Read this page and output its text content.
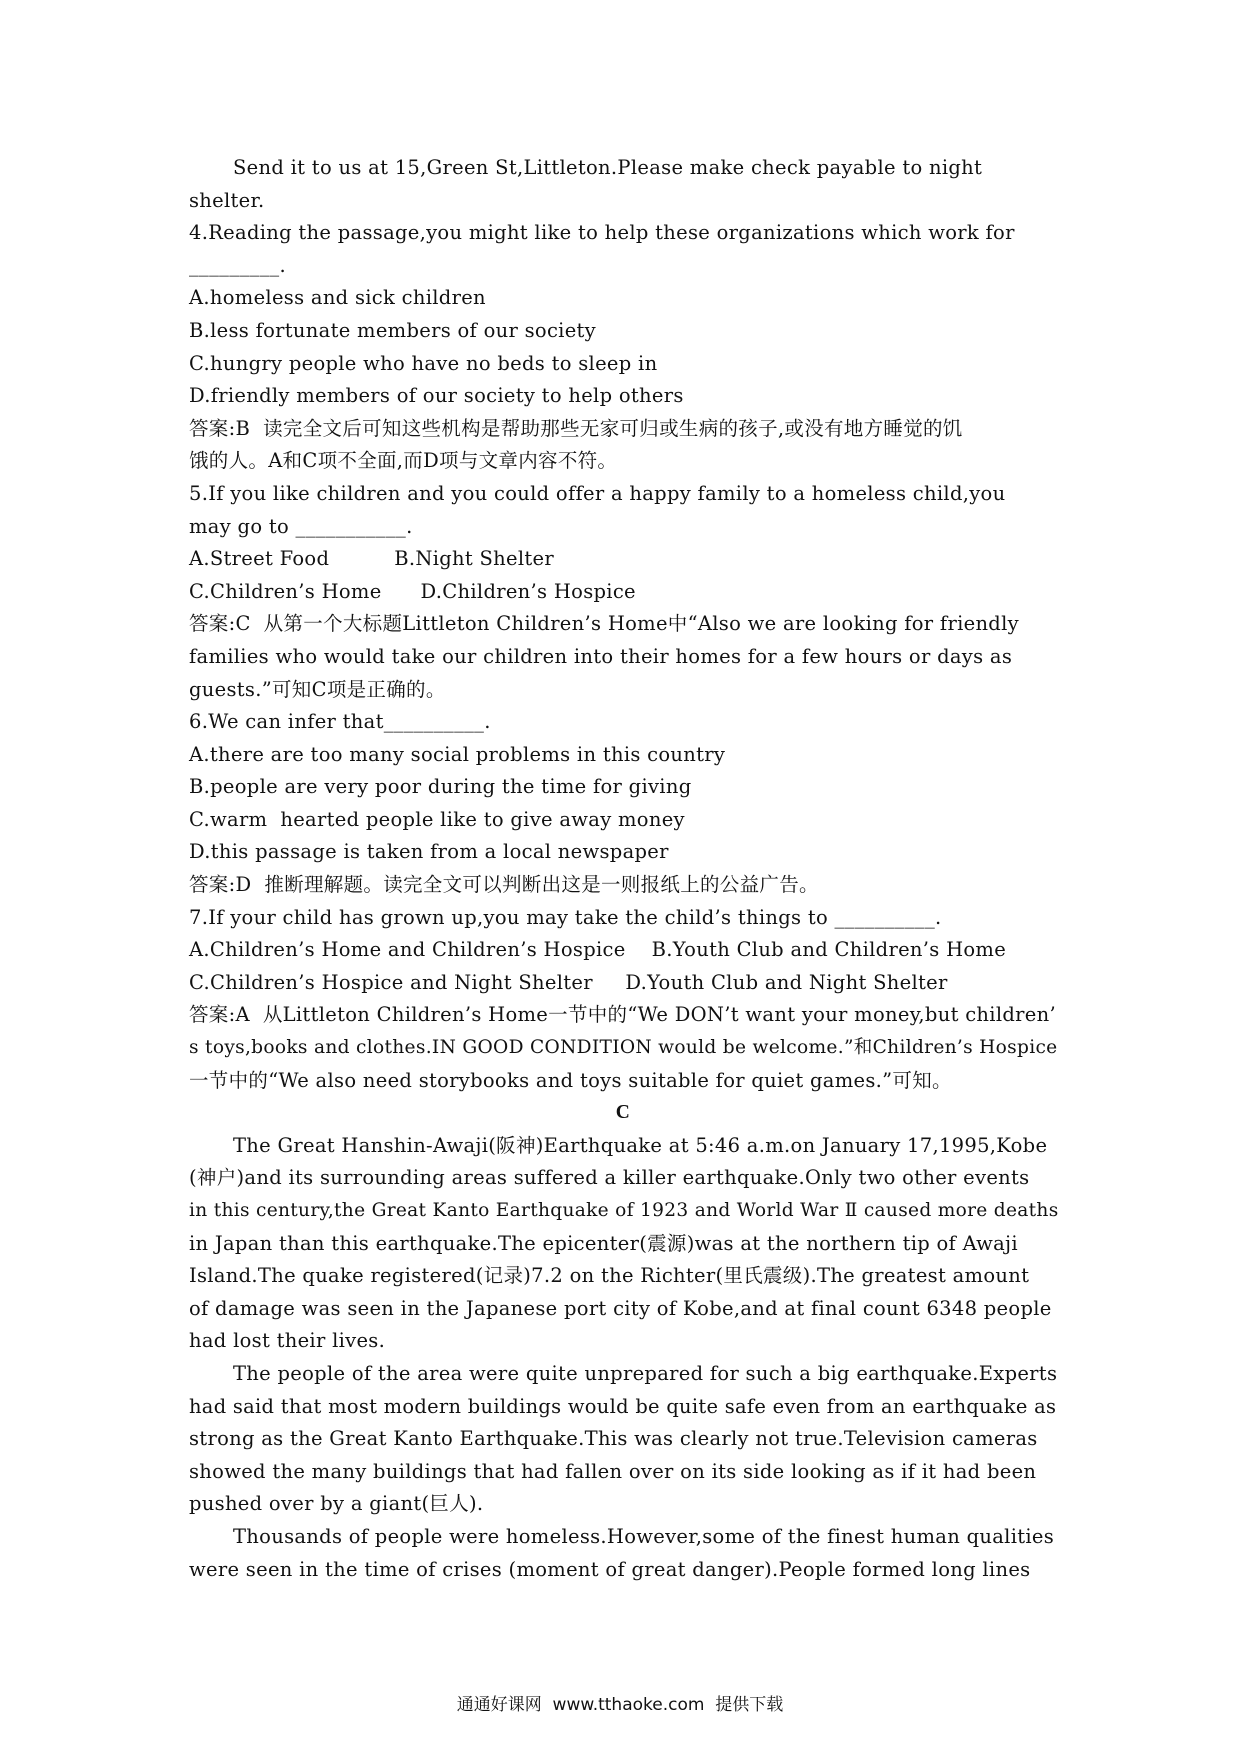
Send it to us at 15,Green St,Littleton.Please make check payable to night
shelter.
4.Reading the passage,you might like to help these organizations which work for
_________.
A.homeless and sick children
B.less fortunate members of our society
C.hungry people who have no beds to sleep in
D.friendly members of our society to help others
答案:B  读完全文后可知这些机构是帮助那些无家可归或生病的孩子,或没有地方睡觉的饥
饿的人。A和C项不全面,而D项与文章内容不符。
5.If you like children and you could offer a happy family to a homeless child,you
may go to ___________.
A.Street Food          B.Night Shelter
C.Children’s Home      D.Children’s Hospice
答案:C  从第一个大标题Littleton Children’s Home中“Also we are looking for friendly
families who would take our children into their homes for a few hours or days as
guests.”可知C项是正确的。
6.We can infer that__________.
A.there are too many social problems in this country
B.people are very poor during the time for giving
C.warm  hearted people like to give away money
D.this passage is taken from a local newspaper
答案:D  推断理解题。读完全文可以判断出这是一则报纸上的公益广告。
7.If your child has grown up,you may take the child’s things to __________.
A.Children’s Home and Children’s Hospice    B.Youth Club and Children’s Home
C.Children’s Hospice and Night Shelter     D.Youth Club and Night Shelter
答案:A  从Littleton Children’s Home一节中的“We DON’t want your money,but children’
s toys,books and clothes.IN GOOD CONDITION would be welcome.”和Children’s Hospice
一节中的“We also need storybooks and toys suitable for quiet games.”可知。
C
The Great Hanshin-Awaji(阪神)Earthquake at 5:46 a.m.on January 17,1995,Kobe
(神户)and its surrounding areas suffered a killer earthquake.Only two other events
in this century,the Great Kanto Earthquake of 1923 and World War Ⅱ caused more deaths
in Japan than this earthquake.The epicenter(震源)was at the northern tip of Awaji
Island.The quake registered(记录)7.2 on the Richter(里氏震级).The greatest amount
of damage was seen in the Japanese port city of Kobe,and at final count 6348 people
had lost their lives.
The people of the area were quite unprepared for such a big earthquake.Experts
had said that most modern buildings would be quite safe even from an earthquake as
strong as the Great Kanto Earthquake.This was clearly not true.Television cameras
showed the many buildings that had fallen over on its side looking as if it had been
pushed over by a giant(巨人).
Thousands of people were homeless.However,some of the finest human qualities
were seen in the time of crises (moment of great danger).People formed long lines
通通好课网  www.tthaoke.com  提供下载
